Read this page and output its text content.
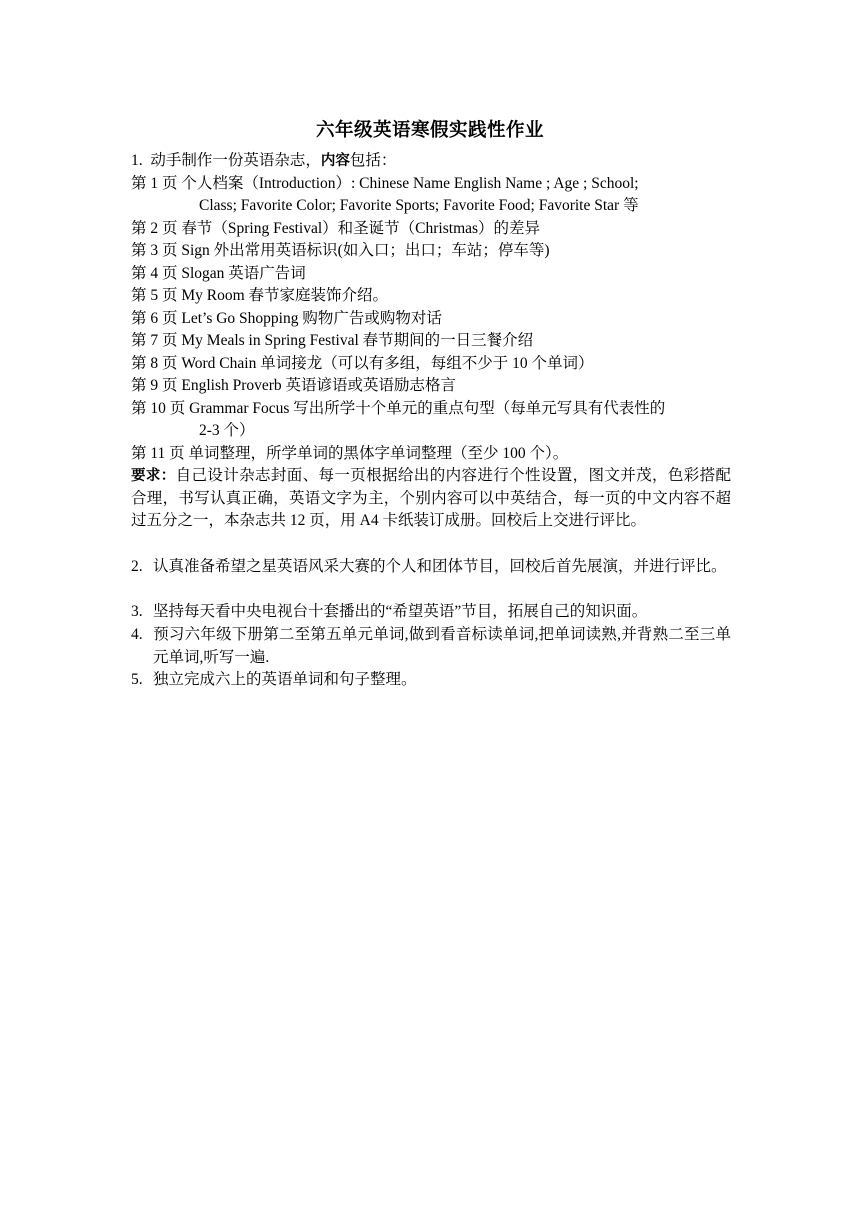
六年级英语寒假实践性作业
1. 动手制作一份英语杂志，内容包括：
第 1 页 个人档案（Introduction）: Chinese Name English Name ; Age ; School;
Class; Favorite Color; Favorite Sports; Favorite Food; Favorite Star 等
第 2 页 春节（Spring Festival）和圣诞节（Christmas）的差异
第 3 页 Sign 外出常用英语标识(如入口；出口；车站；停车等)
第 4 页 Slogan 英语广告词
第 5 页 My Room 春节家庭装饰介绍。
第 6 页 Let’s Go Shopping 购物广告或购物对话
第 7 页 My Meals in Spring Festival 春节期间的一日三餐介绍
第 8 页 Word Chain 单词接龙（可以有多组，每组不少于 10 个单词）
第 9 页 English Proverb 英语谚语或英语励志格言
第 10 页 Grammar Focus 写出所学十个单元的重点句型（每单元写具有代表性的
2-3 个）
第 11 页 单词整理，所学单词的黑体字单词整理（至少 100 个）。
要求：自己设计杂志封面、每一页根据给出的内容进行个性设置，图文并茂，色彩搭配合理，书写认真正确，英语文字为主，个别内容可以中英结合，每一页的中文内容不超过五分之一，本杂志共 12 页，用 A4 卡纸装订成册。回校后上交进行评比。
2. 认真准备希望之星英语风采大赛的个人和团体节目，回校后首先展演，并进行评比。
3. 坚持每天看中央电视台十套播出的“希望英语”节目，拓展自己的知识面。
4. 预习六年级下册第二至第五单元单词,做到看音标读单词,把单词读熟,并背熟二至三单元单词,听写一遍.
5. 独立完成六上的英语单词和句子整理。
